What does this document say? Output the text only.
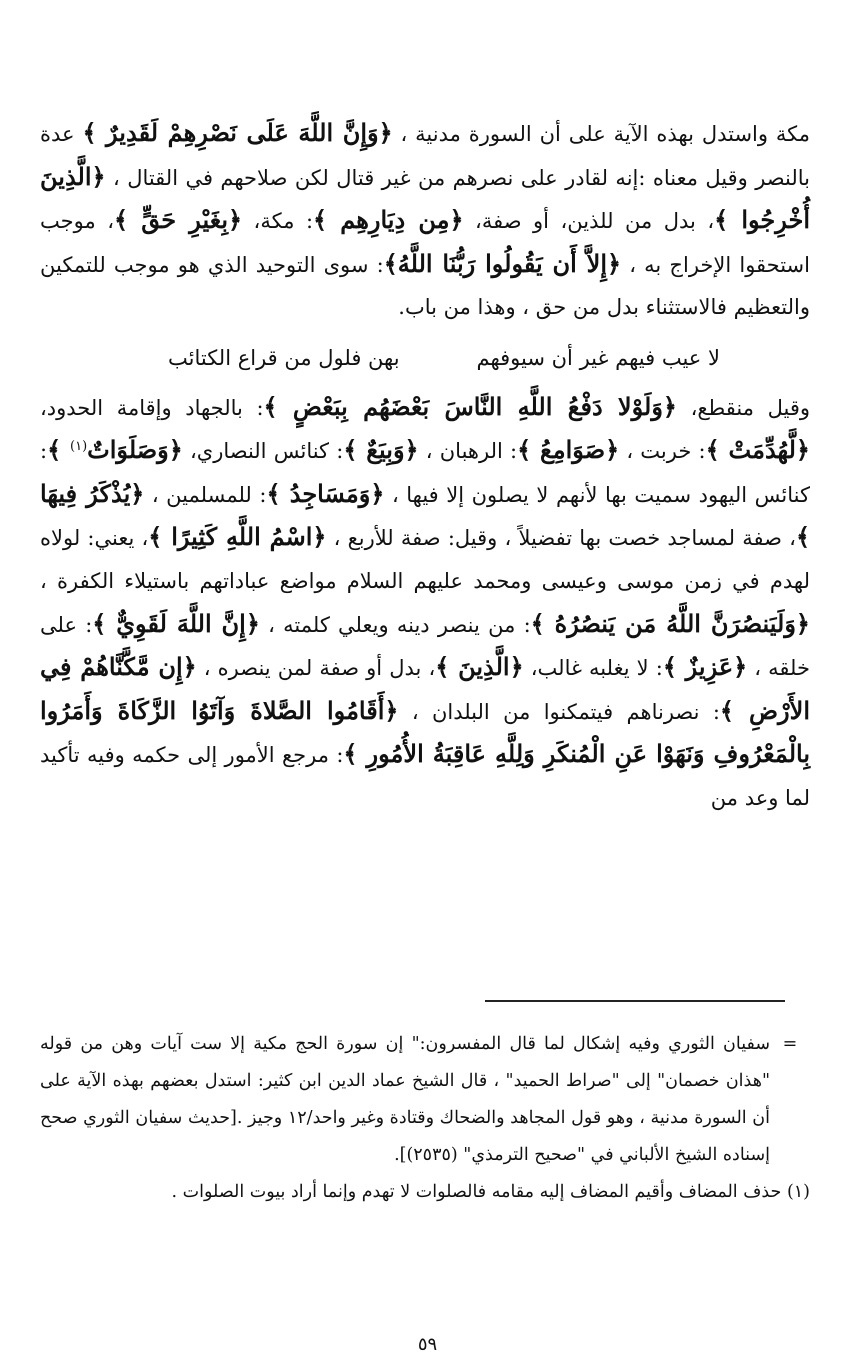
مكة واستدل بهذه الآية على أن السورة مدنية ، ﴿وَإِنَّ اللَّهَ عَلَى نَصْرِهِمْ لَقَدِيرٌ ﴾ عدة بالنصر وقيل معناه :إنه لقادر على نصرهم من غير قتال لكن صلاحهم في القتال ، ﴿الَّذِينَ أُخْرِجُوا ﴾، بدل من للذين، أو صفة، ﴿مِن دِيَارِهِم ﴾: مكة، ﴿بِغَيْرِ حَقٍّ ﴾، موجب استحقوا الإخراج به ، ﴿إِلاَّ أَن يَقُولُوا رَبُّنَا اللَّهُ﴾: سوى التوحيد الذي هو موجب للتمكين والتعظيم فالاستثناء بدل من حق ، وهذا من باب.

لا عيب فيهم غير أن سيوفهم
بهن فلول من قراع الكتائب

وقيل منقطع، ﴿وَلَوْلا دَفْعُ اللَّهِ النَّاسَ بَعْضَهُم بِبَعْضٍ ﴾: بالجهاد وإقامة الحدود، ﴿لَّهُدِّمَتْ ﴾: خربت ، ﴿صَوَامِعُ ﴾: الرهبان ، ﴿وَبِيَعٌ ﴾: كنائس النصاري، ﴿وَصَلَوَاتٌ$^{(١)}$ ﴾: كنائس اليهود سميت بها لأنهم لا يصلون إلا فيها ، ﴿وَمَسَاجِدُ ﴾: للمسلمين ، ﴿يُذْكَرُ فِيهَا ﴾، صفة لمساجد خصت بها تفضيلاً ، وقيل: صفة للأربع ، ﴿اسْمُ اللَّهِ كَثِيرًا ﴾، يعني: لولاه لهدم في زمن موسى وعيسى ومحمد عليهم السلام مواضع عباداتهم باستيلاء الكفرة ، ﴿وَلَيَنصُرَنَّ اللَّهُ مَن يَنصُرُهُ ﴾: من ينصر دينه ويعلي كلمته ، ﴿إِنَّ اللَّهَ لَقَوِيٌّ ﴾: على خلقه ، ﴿عَزِيزٌ ﴾: لا يغلبه غالب، ﴿الَّذِينَ ﴾، بدل أو صفة لمن ينصره ، ﴿إِن مَّكَّنَّاهُمْ فِي الأَرْضِ ﴾: نصرناهم فيتمكنوا من البلدان ، ﴿أَقَامُوا الصَّلاةَ وَآتَوُا الزَّكَاةَ وَأَمَرُوا بِالْمَعْرُوفِ وَنَهَوْا عَنِ الْمُنكَرِ وَلِلَّهِ عَاقِبَةُ الأُمُورِ ﴾: مرجع الأمور إلى حكمه وفيه تأكيد لما وعد من

=سفيان الثوري وفيه إشكال لما قال المفسرون:" إن سورة الحج مكية إلا ست آيات وهن من قوله "هذان خصمان" إلى "صراط الحميد" ، قال الشيخ عماد الدين ابن كثير: استدل بعضهم بهذه الآية على أن السورة مدنية ، وهو قول المجاهد والضحاك وقتادة وغير واحد/١٢ وجيز .[حديث سفيان الثوري صحح إسناده الشيخ الألباني في "صحيح الترمذي" (٢٥٣٥)].

(١) حذف المضاف وأقيم المضاف إليه مقامه فالصلوات لا تهدم وإنما أراد بيوت الصلوات .

٥٩
